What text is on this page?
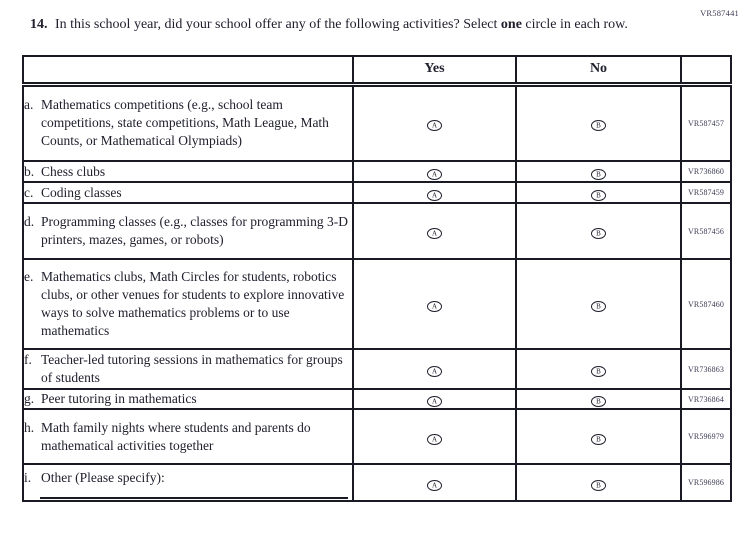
VR587441
14. In this school year, did your school offer any of the following activities? Select one circle in each row.
	Yes	No	

a. Mathematics competitions (e.g., school team competitions, state competitions, Math League, Math Counts, or Mathematical Olympiads)	A	B	VR587457

b. Chess clubs	A	B	VR736860

c. Coding classes	A	B	VR587459

d. Programming classes (e.g., classes for programming 3-D printers, mazes, games, or robots)	A	B	VR587456

e. Mathematics clubs, Math Circles for students, robotics clubs, or other venues for students to explore innovative ways to solve mathematics problems or to use mathematics	A	B	VR587460

f. Teacher-led tutoring sessions in mathematics for groups of students	A	B	VR736863

g. Peer tutoring in mathematics	A	B	VR736864

h. Math family nights where students and parents do mathematical activities together	A	B	VR596979

i. Other (Please specify):	A	B	VR596986
